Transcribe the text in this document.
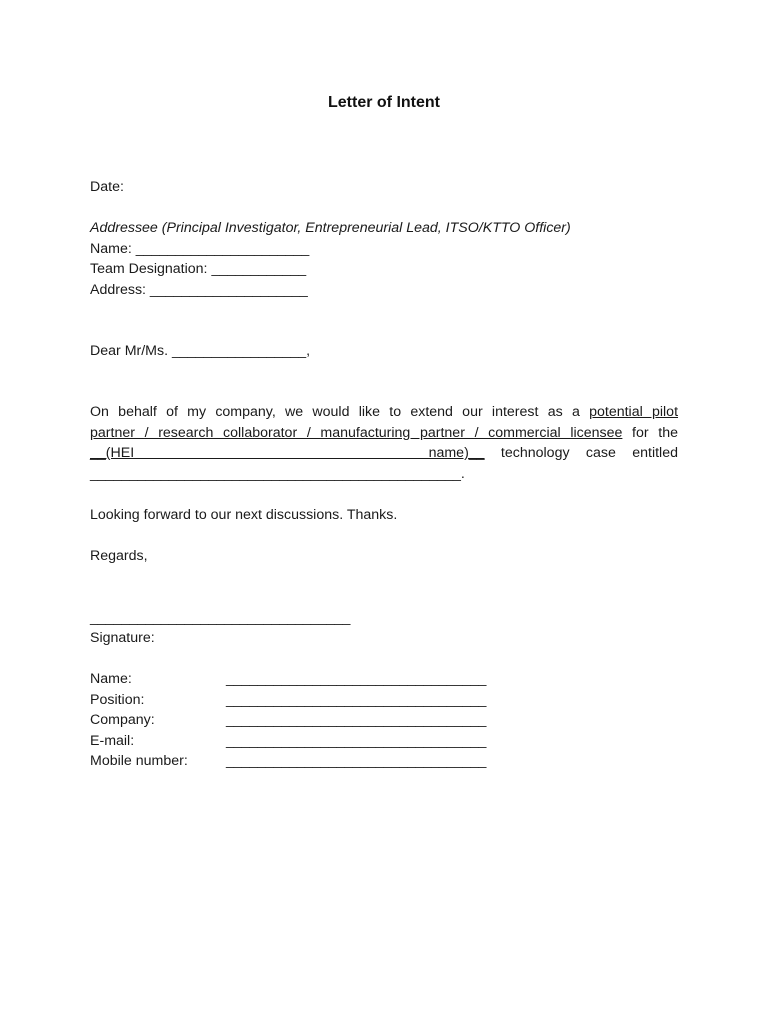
Letter of Intent
Date:
Addressee (Principal Investigator, Entrepreneurial Lead, ITSO/KTTO Officer)
Name: ______________________
Team Designation: ____________
Address: ____________________
Dear Mr/Ms. _________________,
On behalf of my company, we would like to extend our interest as a potential pilot
partner / research collaborator / manufacturing partner / commercial licensee for the
__(HEI                  name)__ technology case entitled
_______________________________________________.
Looking forward to our next discussions. Thanks.
Regards,
_________________________________
Signature:
Name:	_________________________________
Position:	_________________________________
Company:	_________________________________
E-mail:	_________________________________
Mobile number:	_________________________________
